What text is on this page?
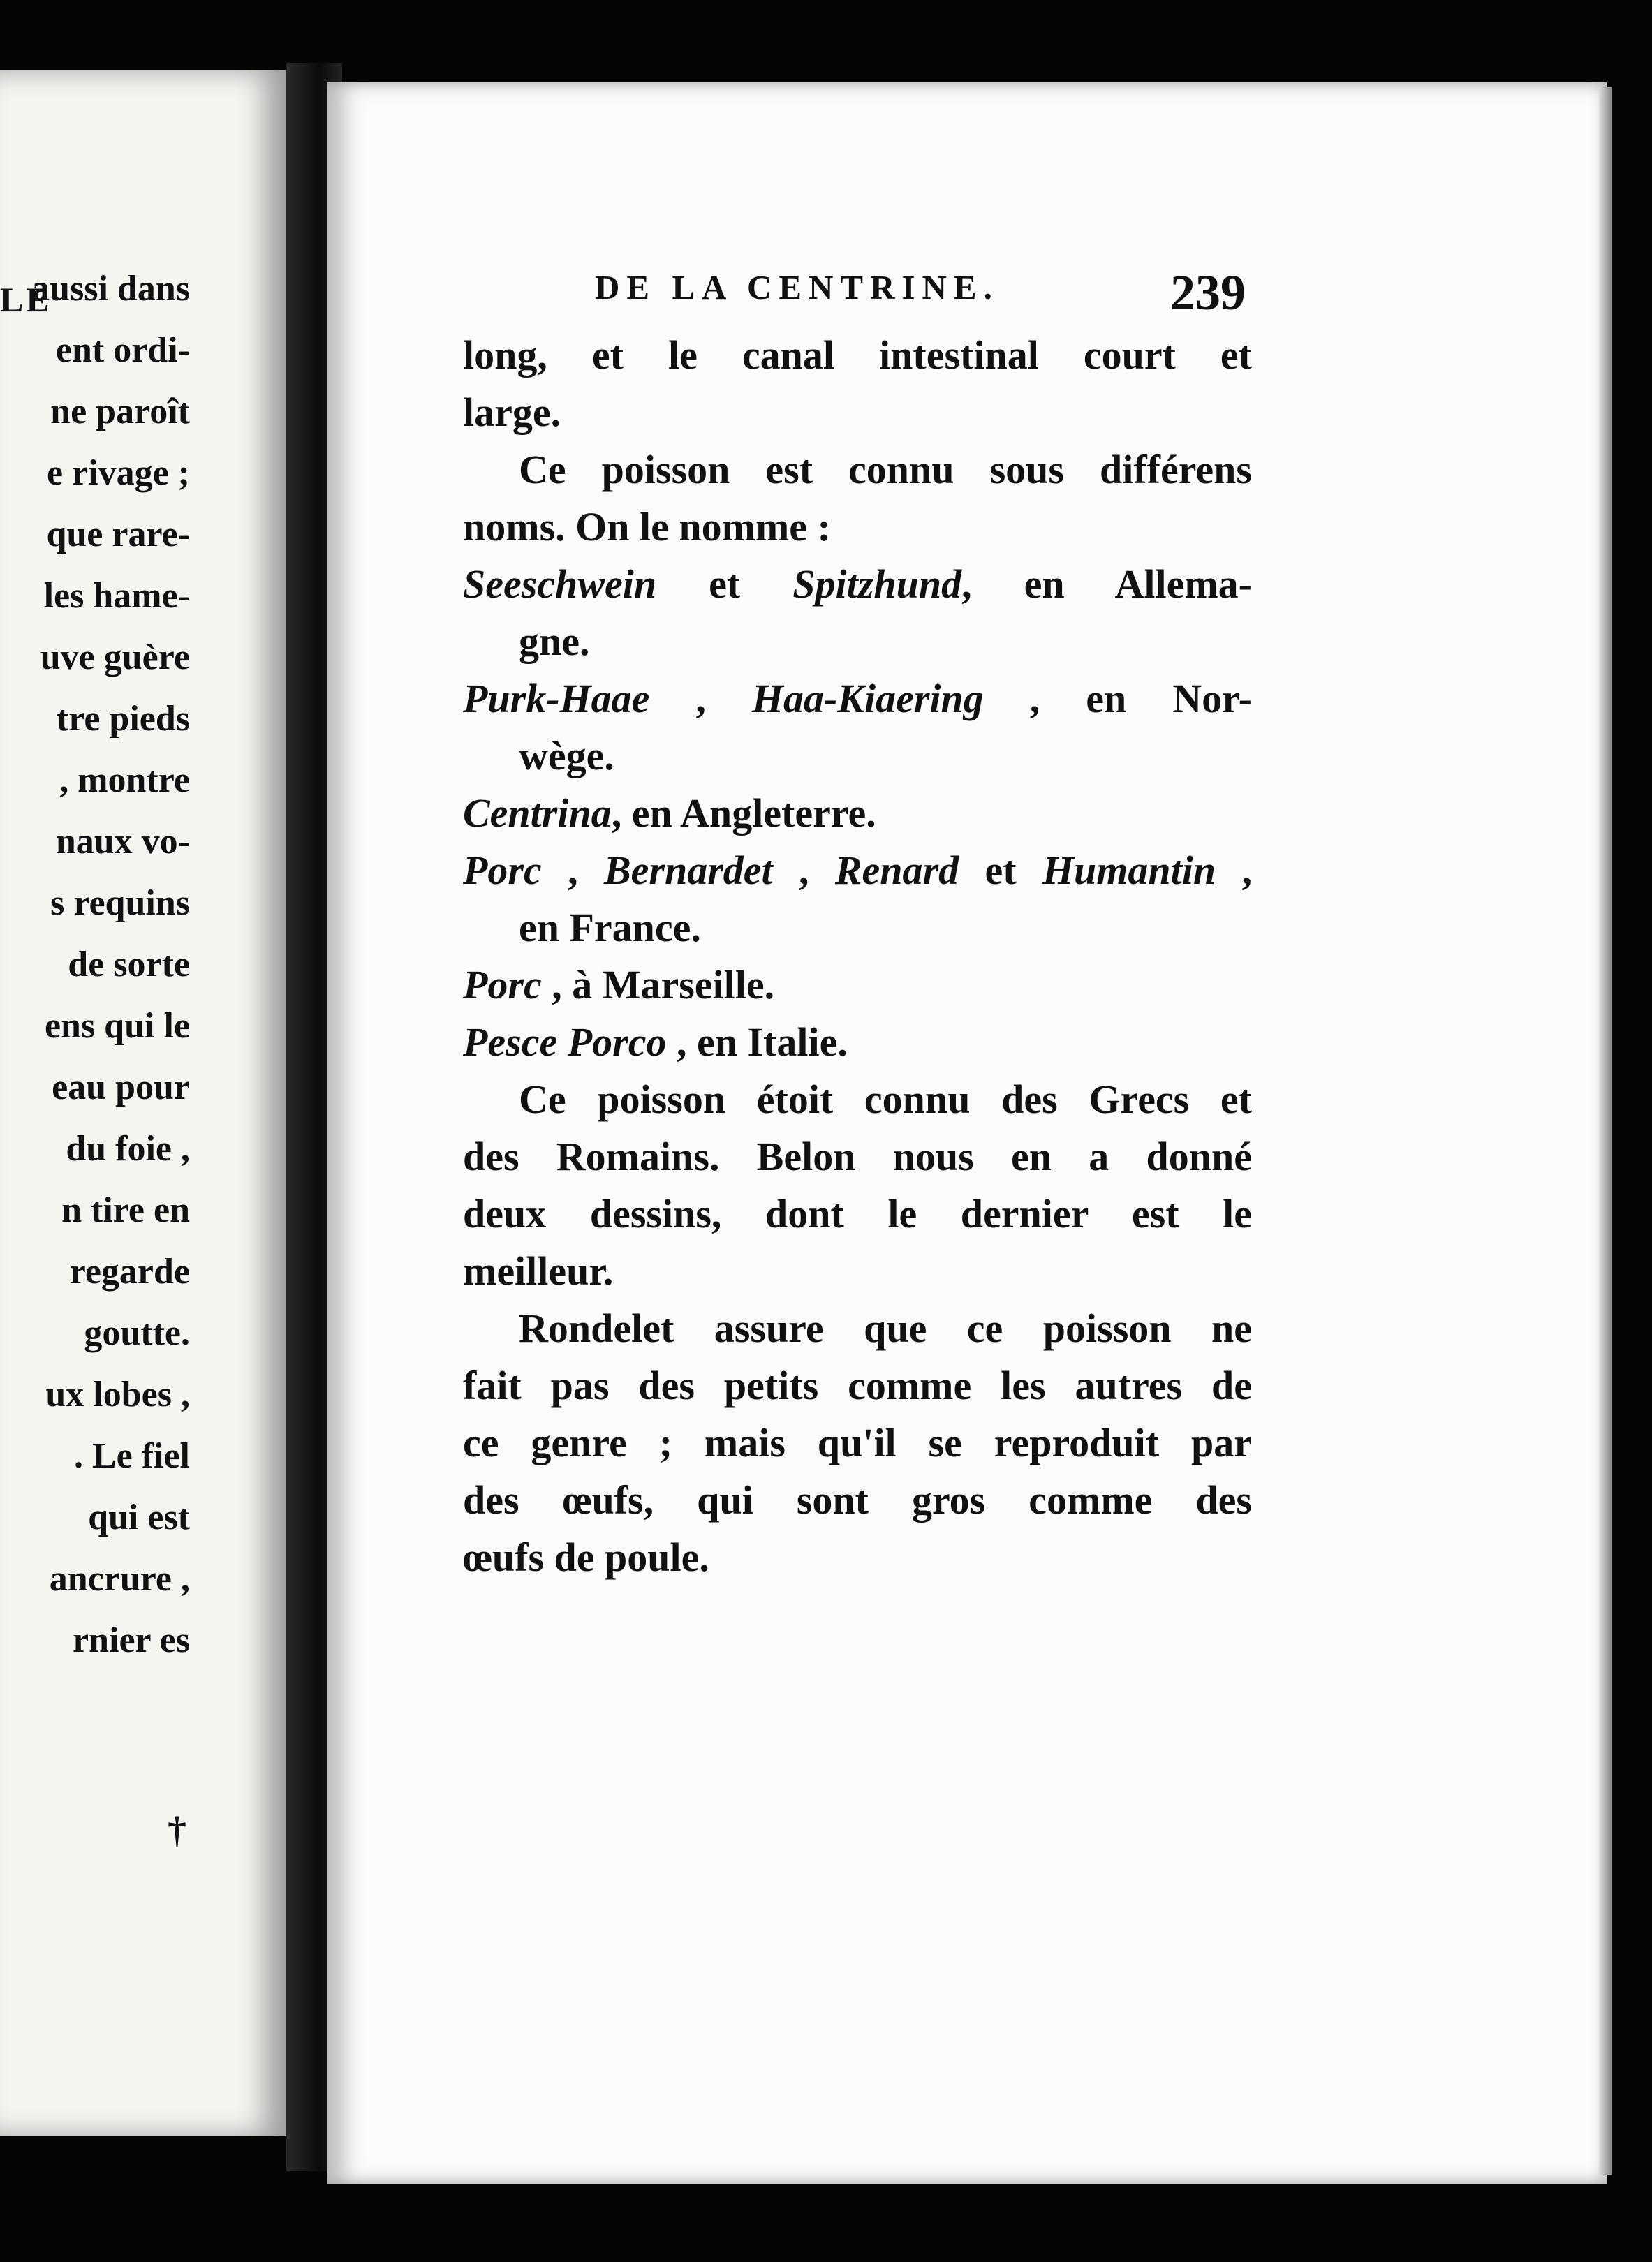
LE
aussi dans
ent ordi-
ne paroît
e rivage ;
que rare-
les hame-
uve guère
tre pieds
, montre
naux vo-
s requins
de sorte
ens qui le
eau pour
du foie ,
n tire en
regarde
goutte.
ux lobes ,
. Le fiel
qui est
ancrure ,
rnier es
†
DE LA CENTRINE.	239
long, et le canal intestinal court et
large.
Ce poisson est connu sous différens
noms. On le nomme :
Seeschwein et Spitzhund, en Allema-
gne.
Purk-Haae , Haa-Kiaering , en Nor-
wège.
Centrina, en Angleterre.
Porc , Bernardet , Renard et Humantin ,
en France.
Porc , à Marseille.
Pesce Porco , en Italie.
Ce poisson étoit connu des Grecs et
des Romains. Belon nous en a donné
deux dessins, dont le dernier est le
meilleur.
Rondelet assure que ce poisson ne
fait pas des petits comme les autres de
ce genre ; mais qu'il se reproduit par
des œufs, qui sont gros comme des
œufs de poule.
